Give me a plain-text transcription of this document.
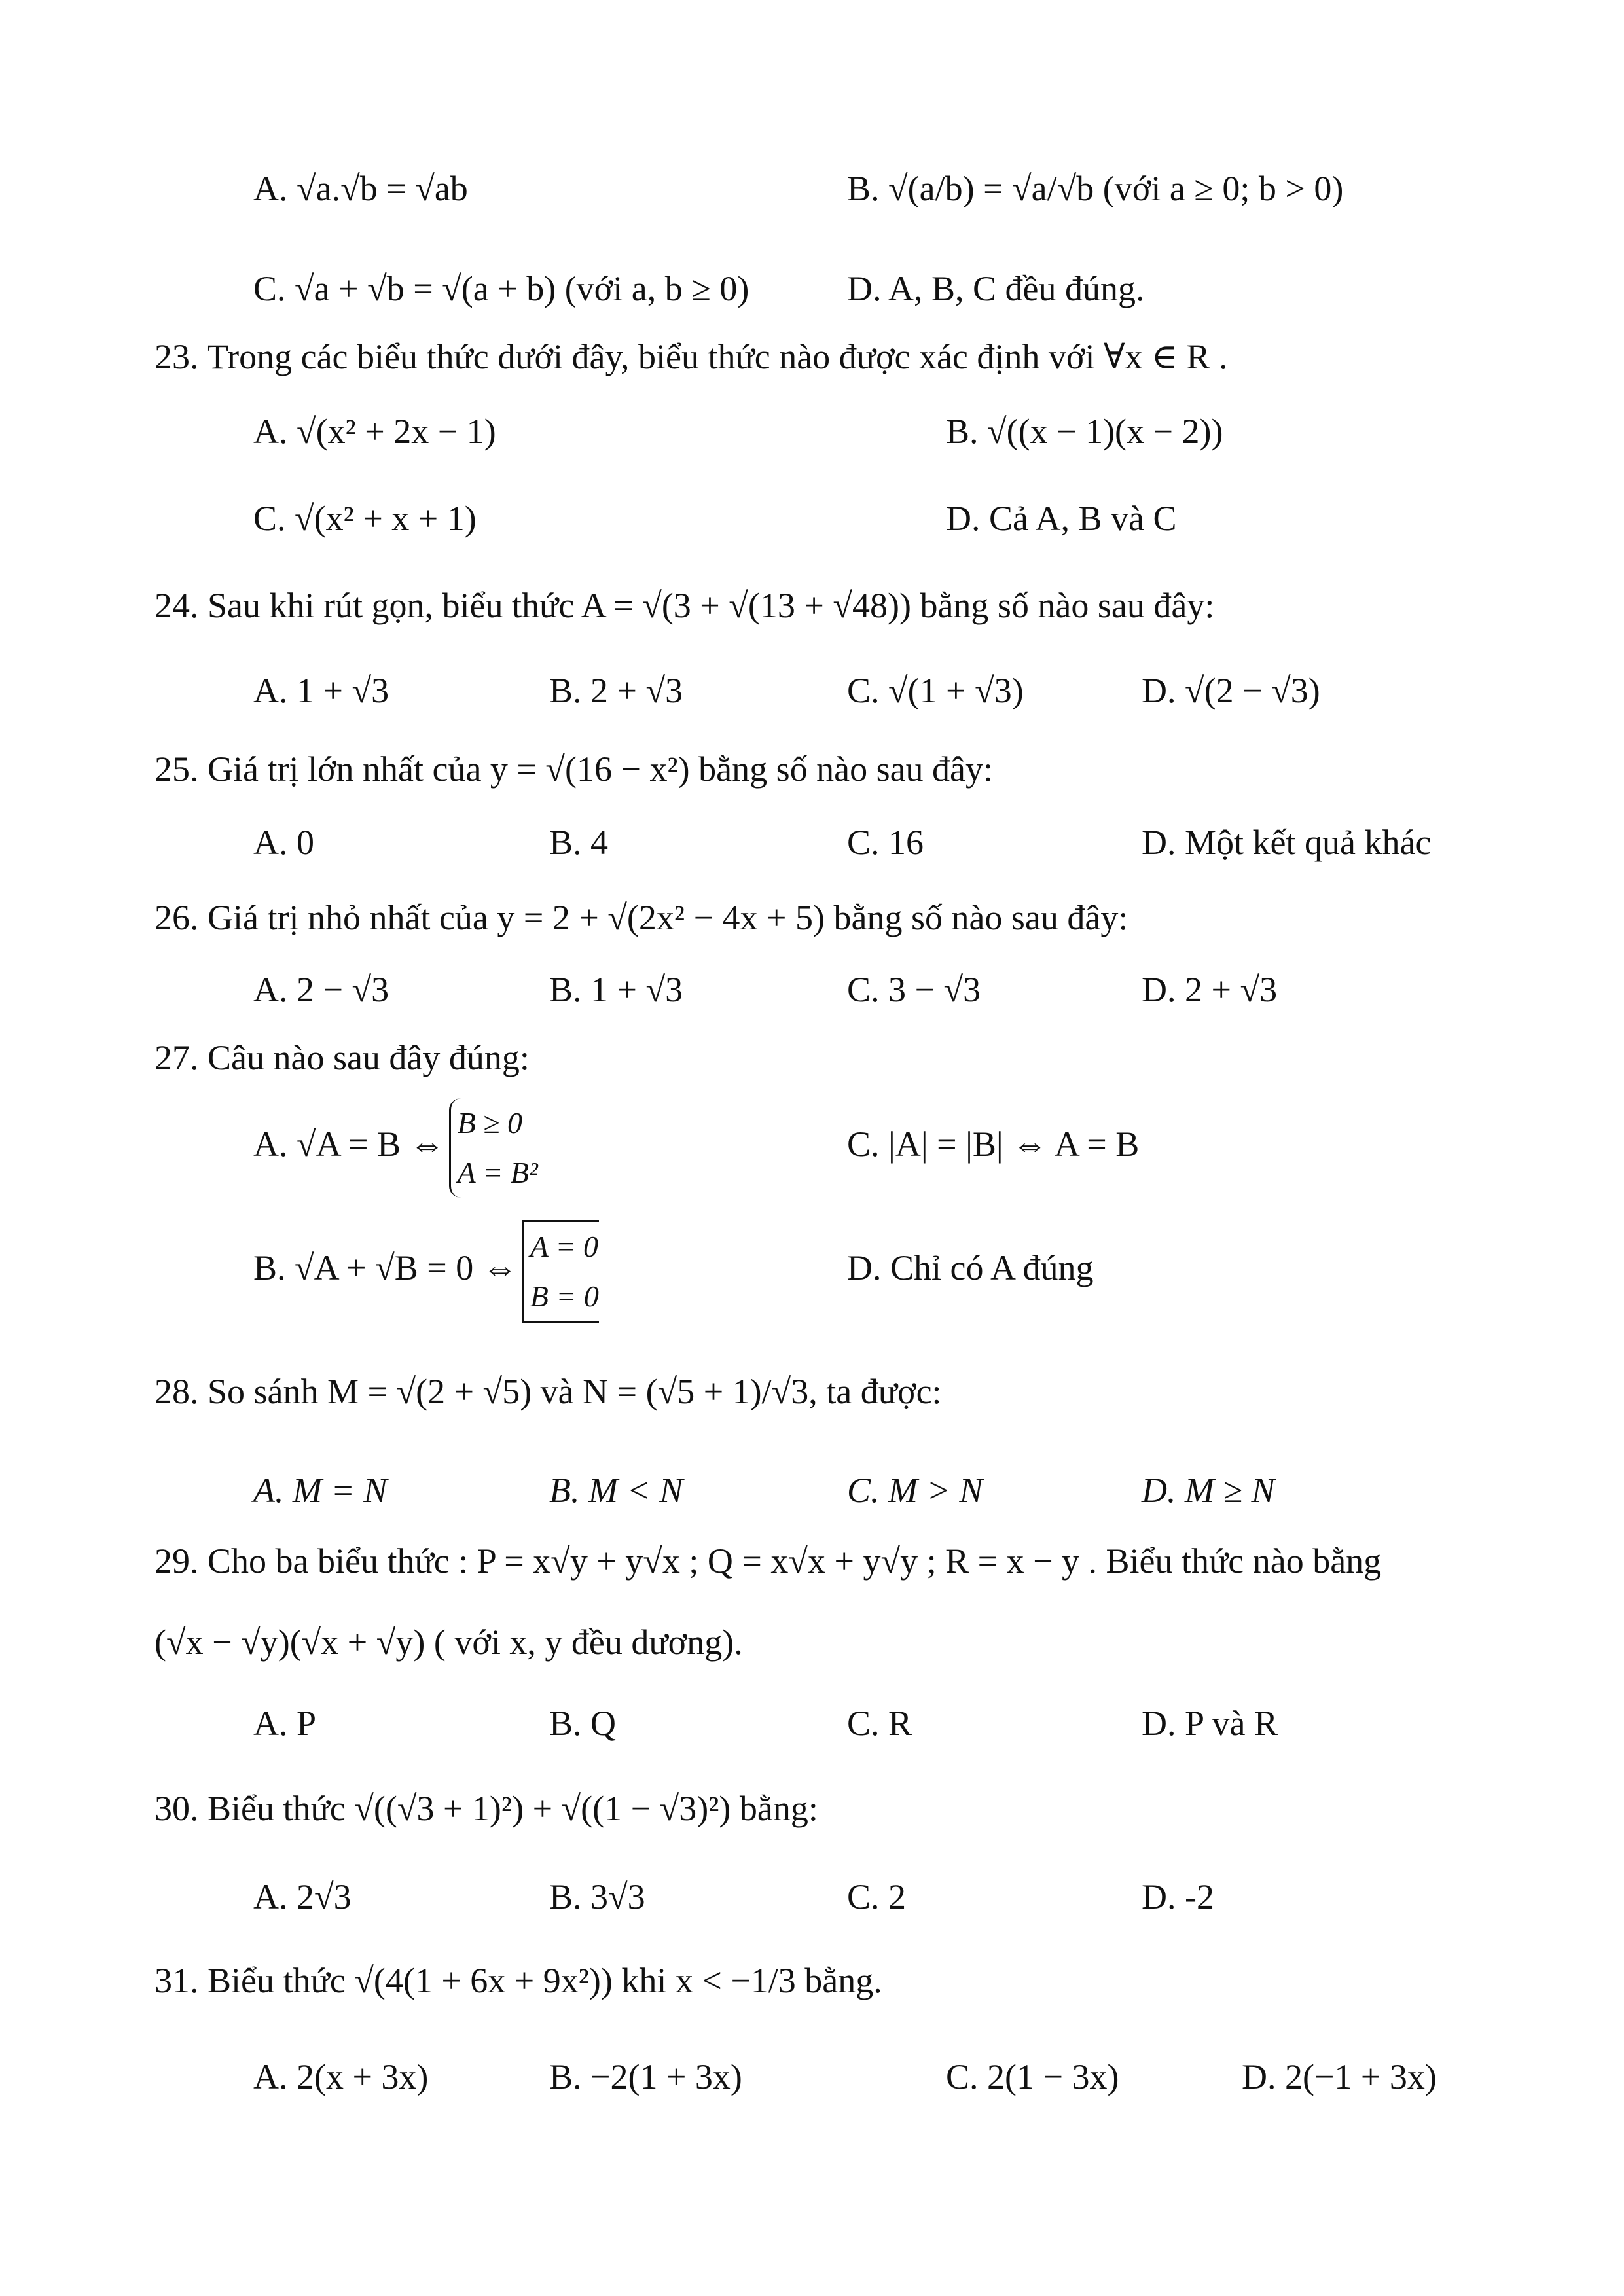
A. √a.√b = √ab	B. √(a/b) = √a/√b (với a ≥ 0; b > 0)
C. √a + √b = √(a + b) (với a, b ≥ 0)	D. A, B, C đều đúng.
23. Trong các biểu thức dưới đây, biểu thức nào được xác định với ∀x ∈ R .
A. √(x² + 2x − 1)	B. √((x − 1)(x − 2))
C. √(x² + x + 1)	D. Cả A, B và C
24. Sau khi rút gọn, biểu thức A = √(3 + √(13 + √48)) bằng số nào sau đây:
A. 1 + √3	B. 2 + √3	C. √(1 + √3)	D. √(2 − √3)
25. Giá trị lớn nhất của y = √(16 − x²) bằng số nào sau đây:
A. 0	B. 4	C. 16	D. Một kết quả khác
26. Giá trị nhỏ nhất của y = 2 + √(2x² − 4x + 5) bằng số nào sau đây:
A. 2 − √3	B. 1 + √3	C. 3 − √3	D. 2 + √3
27. Câu nào sau đây đúng:
A. √A = B ⇔
B ≥ 0
A = B²
C. |A| = |B| ⇔ A = B
B. √A + √B = 0 ⇔
A = 0
B = 0
D. Chỉ có A đúng
28. So sánh M = √(2 + √5) và N = (√5 + 1)/√3, ta được:
A. M = N	B. M < N	C. M > N	D. M ≥ N
29. Cho ba biểu thức : P = x√y + y√x ; Q = x√x + y√y ; R = x − y . Biểu thức nào bằng
(√x − √y)(√x + √y) ( với x, y đều dương).
A. P	B. Q	C. R	D. P và R
30. Biểu thức √((√3 + 1)²) + √((1 − √3)²) bằng:
A. 2√3	B. 3√3	C. 2	D. -2
31. Biểu thức √(4(1 + 6x + 9x²)) khi x < −1/3 bằng.
A. 2(x + 3x)	B. −2(1 + 3x)	C. 2(1 − 3x)	D. 2(−1 + 3x)
